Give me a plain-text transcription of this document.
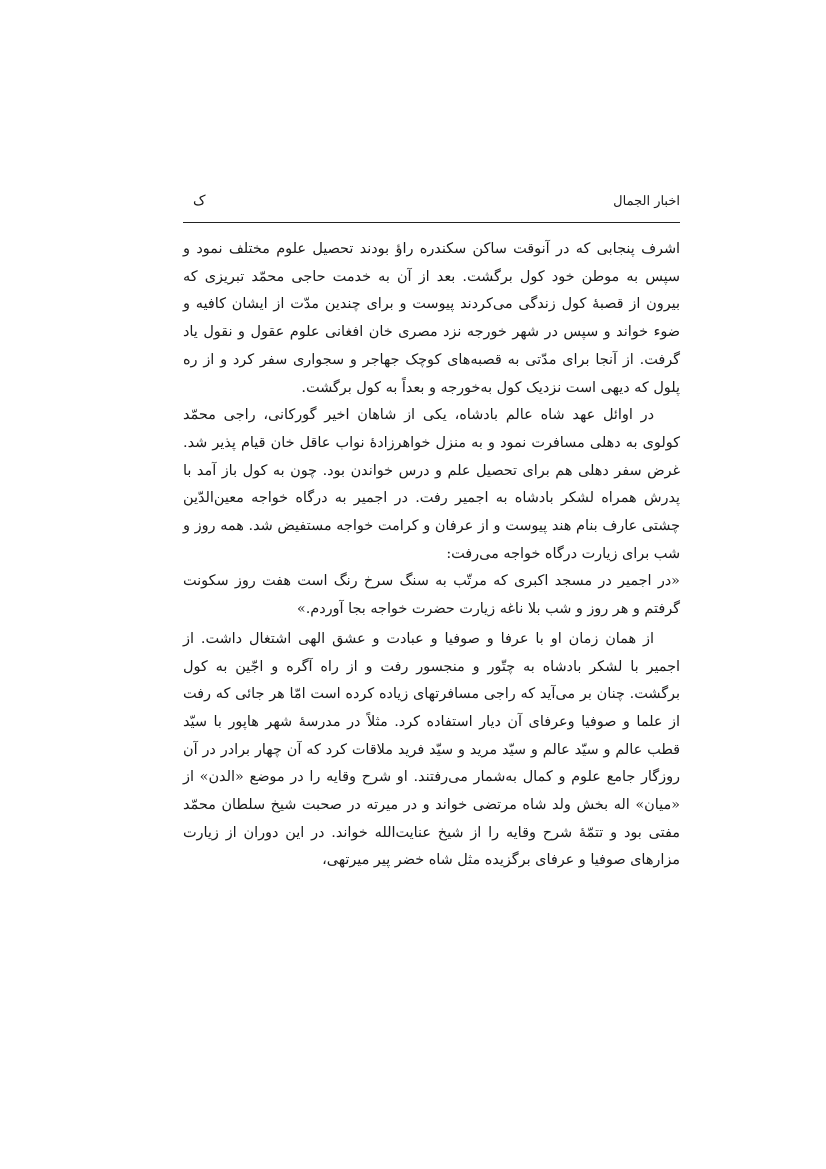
اخبار الجمال
ک

اشرف پنجابی که در آنوقت ساکن سکندره راؤ بودند تحصیل علوم مختلف نمود و سپس به موطن خود کول برگشت. بعد از آن به خدمت حاجی محمّد تبریزی که بیرون از قصبهٔ کول زندگی می‌کردند پیوست و برای چندین مدّت از ایشان کافیه و ضوء خواند و سپس در شهر خورجه نزد مصری خان افغانی علوم عقول و نقول یاد گرفت. از آنجا برای مدّتی به قصبه‌های کوچک جهاجر و سجواری سفر کرد و از ره پلول که دیهی است نزدیک کول به‌خورجه و بعداً به کول برگشت.

در اوائل عهد شاه عالم بادشاه، یکی از شاهان اخیر گورکانی، راجی محمّد کولوی به دهلی مسافرت نمود و به منزل خواهرزادهٔ نواب عاقل خان قیام پذیر شد. غرض سفر دهلی هم برای تحصیل علم و درس خواندن بود. چون به کول باز آمد با پدرش همراه لشکر بادشاه به اجمیر رفت. در اجمیر به درگاه خواجه معین‌الدّین چشتی عارف بنام هند پیوست و از عرفان و کرامت خواجه مستفیض شد. همه روز و شب برای زیارت درگاه خواجه می‌رفت:

«در اجمیر در مسجد اکبری که مرتّب به سنگ سرخ رنگ است هفت روز سکونت گرفتم و هر روز و شب بلا ناغه زیارت حضرت خواجه بجا آوردم.»

از همان زمان او با عرفا و صوفیا و عبادت و عشق الهی اشتغال داشت. از اجمیر با لشکر بادشاه به چتّور و منجسور رفت و از راه آگره و اجّین به کول برگشت. چنان بر می‌آید که راجی مسافرتهای زیاده کرده است امّا هر جائی که رفت از علما و صوفیا وعرفای آن دیار استفاده کرد. مثلاً در مدرسهٔ شهر هاپور با سیّد قطب عالم و سیّد عالم و سیّد مرید و سیّد فرید ملاقات کرد که آن چهار برادر در آن روزگار جامع علوم و کمال به‌شمار می‌رفتند. او شرح وقایه را در موضع «الدن» از «میان» اله بخش ولد شاه مرتضی خواند و در میرته در صحبت شیخ سلطان محمّد مفتی بود و تتمّهٔ شرح وقایه را از شیخ عنایت‌الله خواند. در این دوران از زیارت مزارهای صوفیا و عرفای برگزیده مثل شاه خضر پیر میرتهی،
